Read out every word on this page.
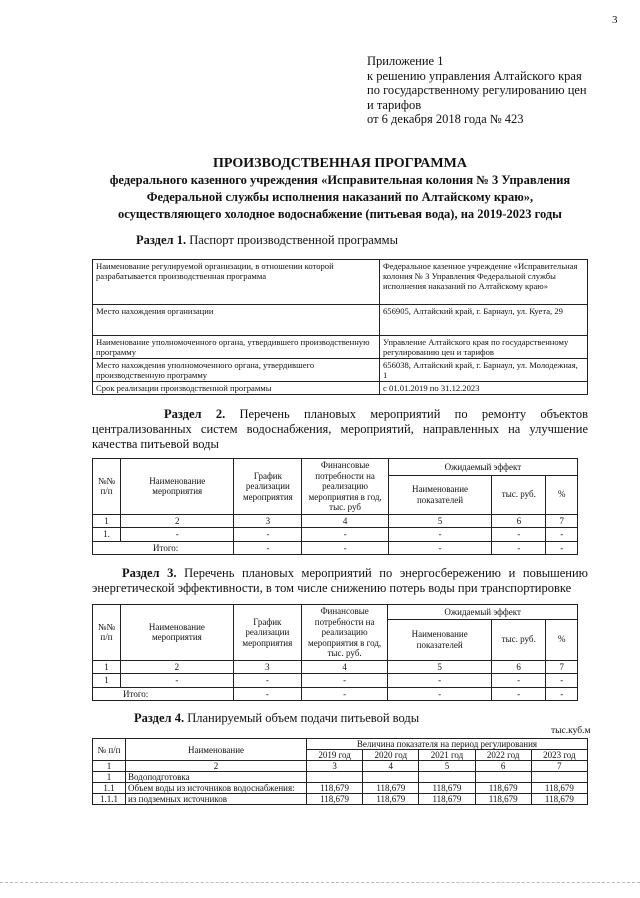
3
Приложение 1
к решению управления Алтайского края
по государственному регулированию цен
и тарифов
от 6 декабря 2018 года № 423
ПРОИЗВОДСТВЕННАЯ ПРОГРАММА
федерального казенного учреждения «Исправительная колония № 3 Управления
Федеральной службы исполнения наказаний по Алтайскому краю»,
осуществляющего холодное водоснабжение (питьевая вода), на 2019-2023 годы
Раздел 1. Паспорт производственной программы
Наименование регулируемой организации, в отношении которой разрабатывается производственная программа	Федеральное казенное учреждение «Исправительная колония № 3 Управления Федеральной службы исполнения наказаний по Алтайскому краю»
Место нахождения организации	656905, Алтайский край, г. Барнаул, ул. Куета, 29
Наименование уполномоченного органа, утвердившего производственную программу	Управление Алтайского края по государственному регулированию цен и тарифов
Место нахождения уполномоченного органа, утвердившего производственную программу	656038, Алтайский край, г. Барнаул, ул. Молодежная, 1
Срок реализации производственной программы	с 01.01.2019 по 31.12.2023
Раздел 2. Перечень плановых мероприятий по ремонту объектов централизованных систем водоснабжения, мероприятий, направленных на улучшение качества питьевой воды
№№ п/п	Наименование мероприятия	График реализации мероприятия	Финансовые потребности на реализацию мероприятия в год, тыс. руб	Ожидаемый эффект		
				Наименование показателей	тыс. руб.	%
1	2	3	4	5	6	7
1.	-	-	-	-	-	-
Итого:		-	-	-	-	-
Раздел 3. Перечень плановых мероприятий по энергосбережению и повышению энергетической эффективности, в том числе снижению потерь воды при транспортировке
№№ п/п	Наименование мероприятия	График реализации мероприятия	Финансовые потребности на реализацию мероприятия в год, тыс. руб.	Ожидаемый эффект		
				Наименование показателей	тыс. руб.	%
1	2	3	4	5	6	7
1	-	-	-	-	-	-
Итого:		-	-	-	-	-
Раздел 4. Планируемый объем подачи питьевой воды
тыс.куб.м
№ п/п	Наименование	Величина показателя на период регулирования				
		2019 год	2020 год	2021 год	2022 год	2023 год
1	2	3	4	5	6	7
1	Водоподготовка					
1.1	Объем воды из источников водоснабжения:	118,679	118,679	118,679	118,679	118,679
1.1.1	из подземных источников	118,679	118,679	118,679	118,679	118,679
